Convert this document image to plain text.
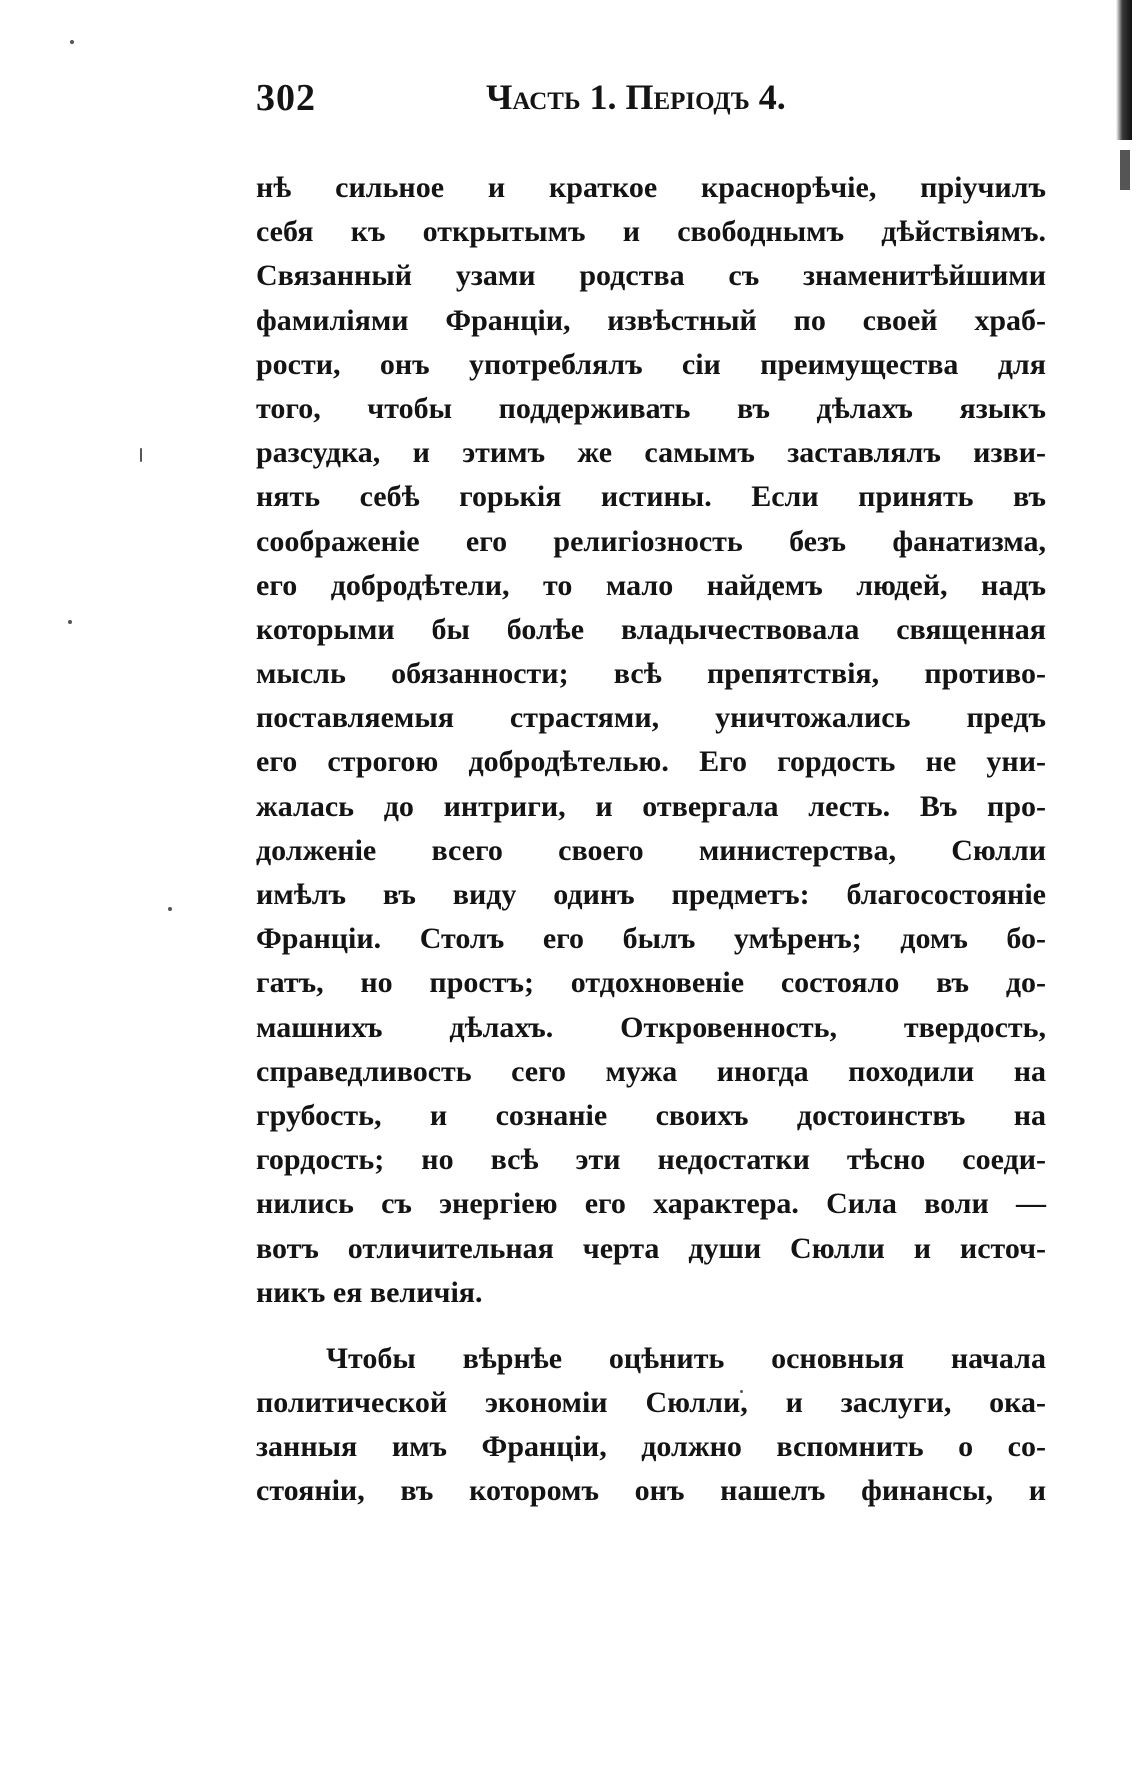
302	Часть 1. Перiодъ 4.
нѣ сильное и краткое краснорѣчiе, прiучилъ
себя къ открытымъ и свободнымъ дѣйствiямъ.
Связанный узами родства съ знаменитѣйшими
фамилiями Францiи, извѣстный по своей храб-
рости, онъ употреблялъ сiи преимущества для
того, чтобы поддерживать въ дѣлахъ языкъ
разсудка, и этимъ же самымъ заставлялъ изви-
нять себѣ горькiя истины. Если принять въ
соображенiе его религiозность безъ фанатизма,
его добродѣтели, то мало найдемъ людей, надъ
которыми бы болѣе владычествовала священная
мысль обязанности; всѣ препятствiя, противо-
поставляемыя страстями, уничтожались предъ
его строгою добродѣтелью. Его гордость не уни-
жалась до интриги, и отвергала лесть. Въ про-
долженiе всего своего министерства, Сюлли
имѣлъ въ виду одинъ предметъ: благосостоянiе
Францiи. Столъ его былъ умѣренъ; домъ бо-
гатъ, но простъ; отдохновенiе состояло въ до-
машнихъ дѣлахъ. Откровенность, твердость,
справедливость сего мужа иногда походили на
грубость, и сознанiе своихъ достоинствъ на
гордость; но всѣ эти недостатки тѣсно соеди-
нились съ энергiею его характера. Сила воли —
вотъ отличительная черта души Сюлли и источ-
никъ ея величiя.
Чтобы вѣрнѣе оцѣнить основныя начала
политической экономiи Сюлли, и заслуги, ока-
занныя имъ Францiи, должно вспомнить о со-
стоянiи, въ которомъ онъ нашелъ финансы, и
